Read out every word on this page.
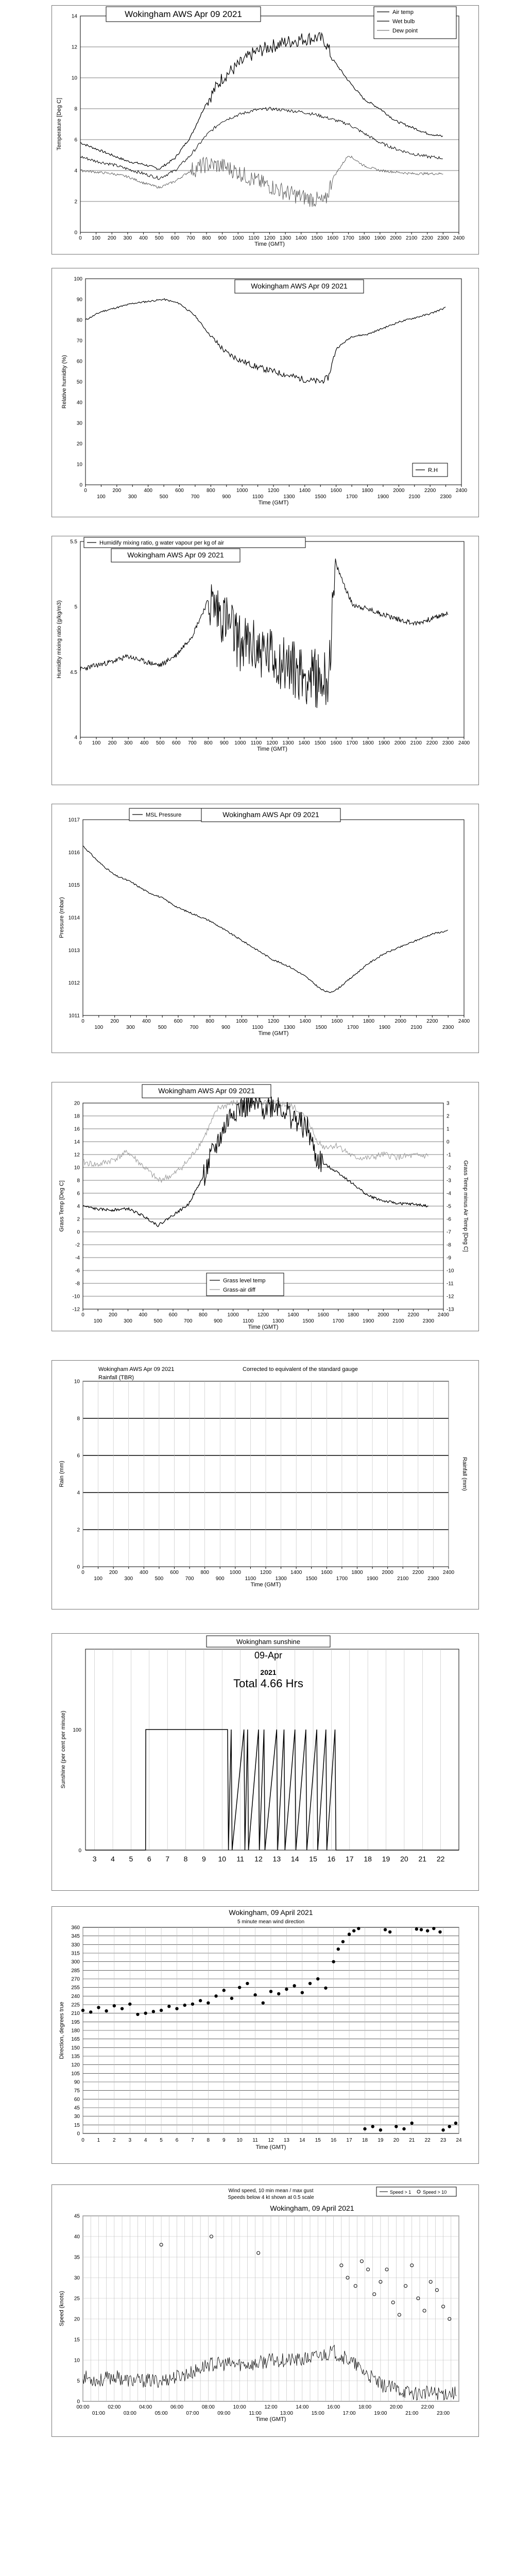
0
2
4
6
8
10
12
14
Temperature [Deg C]
0 100 200 300 400 500 600 700 800 900 1000 1100 1200 1300 1400 1500 1600 1700 1800 1900 2000 2100 2200 2300 2400
Time (GMT)
Wokingham AWS Apr 09 2021	Air temp
Wet bulb
Dew point
0
10
20
30
40
50
60
70
80
90
100
Relative humidity (%)
0
100
200
300
400
500
600
700
800
900
1000
1100
1200
1300
1400
1500
1600
1700
1800
1900
2000
2100
2200
2300
2400
Time (GMT)
Wokingham AWS Apr 09 2021
R.H
4
4.5
5
5.5
Humidity mixing ratio (g/kg/m3)
0 100 200 300 400 500 600 700 800 900 1000 1100 1200 1300 1400 1500 1600 1700 1800 1900 2000 2100 2200 2300 2400
Time (GMT)
Humidify mixing ratio, g water vapour per kg of air
Wokingham AWS Apr 09 2021
1011
1012
1013
1014
1015
1016
1017
Pressure (mbar)
0
100
200
300
400
500
600
700
800
900
1000
1100
1200
1300
1400
1500
1600
1700
1800
1900
2000
2100
2200
2300
2400
Time (GMT)
MSL Pressure	Wokingham AWS Apr 09 2021
-12
-10
-8
-6
-4
-2
0
2
4
6
8
10
12
14
16
18
20
Grass Temp [Deg C]
-13
-12
-11
-10
-9
-8
-7
-6
-5
-4
-3
-2
-1
0
1
2
3
Grass Temp minus Air Temp [Deg C]
0
100
200
300
400
500
600
700
800
900
1000
1100
1200
1300
1400
1500
1600
1700
1800
1900
2000
2100
2200
2300
2400
Time (GMT)
Wokingham AWS Apr 09 2021
Grass level temp
Grass-air diff
0
2
4
6
8
10
Rain (mm)	Rainfall (mm)
0
100
200
300
400
500
600
700
800
900
1000
1100
1200
1300
1400
1500
1600
1700
1800
1900
2000
2100
2200
2300
2400
Time (GMT)
Wokingham AWS Apr 09 2021
Rainfall (TBR)
Corrected to equivalent of the standard gauge
0
100
Sunshine (per cent per minute)
3 4 5 6 7 8 9 10 11 12 13 14 15 16 17 18 19 20 21 22
Wokingham sunshine
09-Apr
2021
Total 4.66 Hrs
0
15
30
45
60
75
90
105
120
135
150
165
180
195
210
225
240
255
270
285
300
315
330
345
360
Direction, degrees true
0 1 2 3 4 5 6 7 8 9 10 11 12 13 14 15 16 17 18 19 20 21 22 23 24
Time (GMT)
Wokingham, 09 April 2021
5 minute mean wind direction
0
5
10
15
20
25
30
35
40
45
Speed (knots)
00:00
01:00
02:00
03:00
04:00
05:00
06:00
07:00
08:00
09:00
10:00
11:00
12:00
13:00
14:00
15:00
16:00
17:00
18:00
19:00
20:00
21:00
22:00
23:00
Time (GMT)
Wind speed, 10 min mean / max gust
Speeds below 4 kt shown at 0.5 scale
Wokingham, 09 April 2021
Speed > 1	Speed > 10
